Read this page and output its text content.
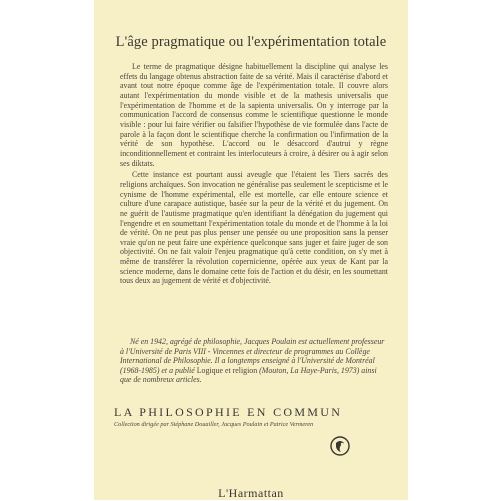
L'âge pragmatique ou l'expérimentation totale

Le terme de pragmatique désigne habituellement la discipline qui analyse les effets du langage obtenus abstraction faite de sa vérité. Mais il caractérise d'abord et avant tout notre époque comme âge de l'expérimentation totale. Il couvre alors autant l'expérimentation du monde visible et de la mathesis universalis que l'expérimentation de l'homme et de la sapienta universalis. On y interroge par la communication l'accord de consensus comme le scientifique questionne le monde visible : pour lui faire vérifier ou falsifier l'hypothèse de vie formulée dans l'acte de parole à la façon dont le scientifique cherche la confirmation ou l'infirmation de la vérité de son hypothèse. L'accord ou le désaccord d'autrui y règne inconditionnellement et contraint les interlocuteurs à croire, à désirer ou à agir selon ses diktats.

Cette instance est pourtant aussi aveugle que l'étaient les Tiers sacrés des religions archaïques. Son invocation ne généralise pas seulement le scepticisme et le cynisme de l'homme expérimental, elle est mortelle, car elle entoure science et culture d'une carapace autistique, basée sur la peur de la vérité et du jugement. On ne guérit de l'autisme pragmatique qu'en identifiant la dénégation du jugement qui l'engendre et en soumettant l'expérimentation totale du monde et de l'homme à la loi de vérité. On ne peut pas plus penser une pensée ou une proposition sans la penser vraie qu'on ne peut faire une expérience quelconque sans juger et faire juger de son objectivité. On ne fait valoir l'enjeu pragmatique qu'à cette condition, on s'y met à même de transférer la révolution copernicienne, opérée aux yeux de Kant par la science moderne, dans le domaine cette fois de l'action et du désir, en les soumettant tous deux au jugement de vérité et d'objectivité.

Né en 1942, agrégé de philosophie, Jacques Poulain est actuellement professeur à l'Université de Paris VIII - Vincennes et directeur de programmes au Collège International de Philosophie. Il a longtemps enseigné à l'Université de Montréal (1968-1985) et a publié Logique et religion (Mouton, La Haye-Paris, 1973) ainsi que de nombreux articles.

LA PHILOSOPHIE EN COMMUN
Collection dirigée par Stéphane Douailler, Jacques Poulain et Patrice Vermeren
L'Harmattan
